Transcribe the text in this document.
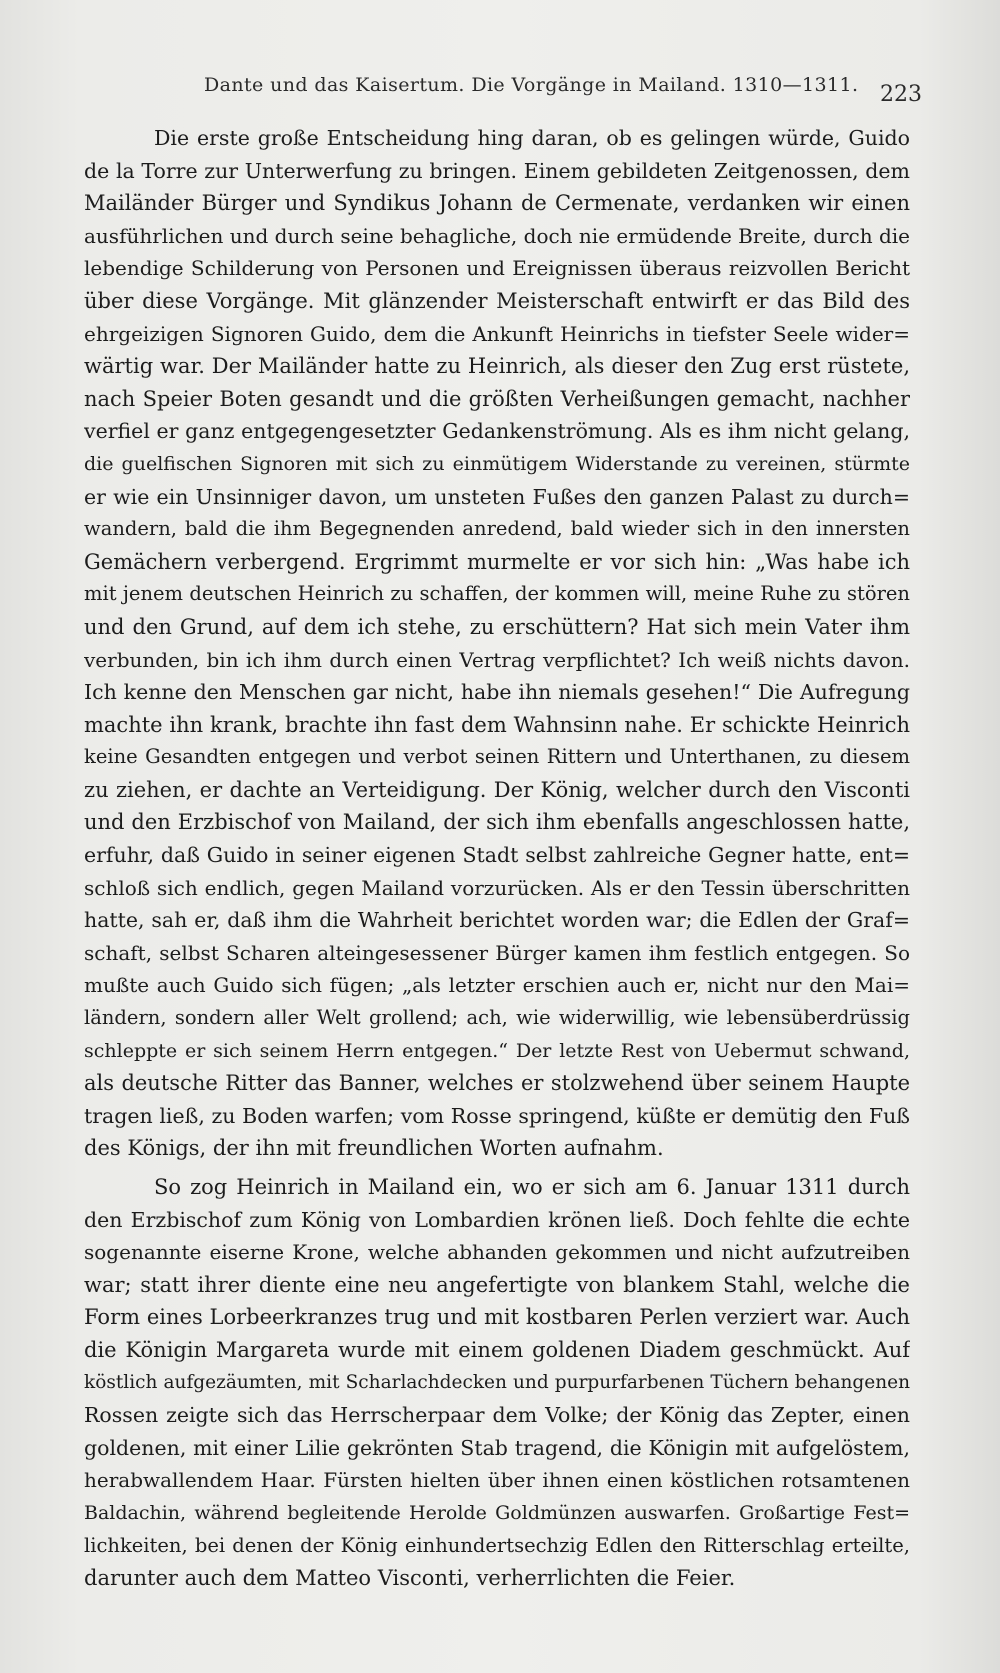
Dante und das Kaisertum. Die Vorgänge in Mailand. 1310—1311. 223
Die erste große Entscheidung hing daran, ob es gelingen würde, Guido
de la Torre zur Unterwerfung zu bringen. Einem gebildeten Zeitgenossen, dem
Mailänder Bürger und Syndikus Johann de Cermenate, verdanken wir einen
ausführlichen und durch seine behagliche, doch nie ermüdende Breite, durch die
lebendige Schilderung von Personen und Ereignissen überaus reizvollen Bericht
über diese Vorgänge. Mit glänzender Meisterschaft entwirft er das Bild des
ehrgeizigen Signoren Guido, dem die Ankunft Heinrichs in tiefster Seele wider=
wärtig war. Der Mailänder hatte zu Heinrich, als dieser den Zug erst rüstete,
nach Speier Boten gesandt und die größten Verheißungen gemacht, nachher
verfiel er ganz entgegengesetzter Gedankenströmung. Als es ihm nicht gelang,
die guelfischen Signoren mit sich zu einmütigem Widerstande zu vereinen, stürmte
er wie ein Unsinniger davon, um unsteten Fußes den ganzen Palast zu durch=
wandern, bald die ihm Begegnenden anredend, bald wieder sich in den innersten
Gemächern verbergend. Ergrimmt murmelte er vor sich hin: „Was habe ich
mit jenem deutschen Heinrich zu schaffen, der kommen will, meine Ruhe zu stören
und den Grund, auf dem ich stehe, zu erschüttern? Hat sich mein Vater ihm
verbunden, bin ich ihm durch einen Vertrag verpflichtet? Ich weiß nichts davon.
Ich kenne den Menschen gar nicht, habe ihn niemals gesehen!“ Die Aufregung
machte ihn krank, brachte ihn fast dem Wahnsinn nahe. Er schickte Heinrich
keine Gesandten entgegen und verbot seinen Rittern und Unterthanen, zu diesem
zu ziehen, er dachte an Verteidigung. Der König, welcher durch den Visconti
und den Erzbischof von Mailand, der sich ihm ebenfalls angeschlossen hatte,
erfuhr, daß Guido in seiner eigenen Stadt selbst zahlreiche Gegner hatte, ent=
schloß sich endlich, gegen Mailand vorzurücken. Als er den Tessin überschritten
hatte, sah er, daß ihm die Wahrheit berichtet worden war; die Edlen der Graf=
schaft, selbst Scharen alteingesessener Bürger kamen ihm festlich entgegen. So
mußte auch Guido sich fügen; „als letzter erschien auch er, nicht nur den Mai=
ländern, sondern aller Welt grollend; ach, wie widerwillig, wie lebensüberdrüssig
schleppte er sich seinem Herrn entgegen.“ Der letzte Rest von Uebermut schwand,
als deutsche Ritter das Banner, welches er stolzwehend über seinem Haupte
tragen ließ, zu Boden warfen; vom Rosse springend, küßte er demütig den Fuß
des Königs, der ihn mit freundlichen Worten aufnahm.
So zog Heinrich in Mailand ein, wo er sich am 6. Januar 1311 durch
den Erzbischof zum König von Lombardien krönen ließ. Doch fehlte die echte
sogenannte eiserne Krone, welche abhanden gekommen und nicht aufzutreiben
war; statt ihrer diente eine neu angefertigte von blankem Stahl, welche die
Form eines Lorbeerkranzes trug und mit kostbaren Perlen verziert war. Auch
die Königin Margareta wurde mit einem goldenen Diadem geschmückt. Auf
köstlich aufgezäumten, mit Scharlachdecken und purpurfarbenen Tüchern behangenen
Rossen zeigte sich das Herrscherpaar dem Volke; der König das Zepter, einen
goldenen, mit einer Lilie gekrönten Stab tragend, die Königin mit aufgelöstem,
herabwallendem Haar. Fürsten hielten über ihnen einen köstlichen rotsamtenen
Baldachin, während begleitende Herolde Goldmünzen auswarfen. Großartige Fest=
lichkeiten, bei denen der König einhundertsechzig Edlen den Ritterschlag erteilte,
darunter auch dem Matteo Visconti, verherrlichten die Feier.
